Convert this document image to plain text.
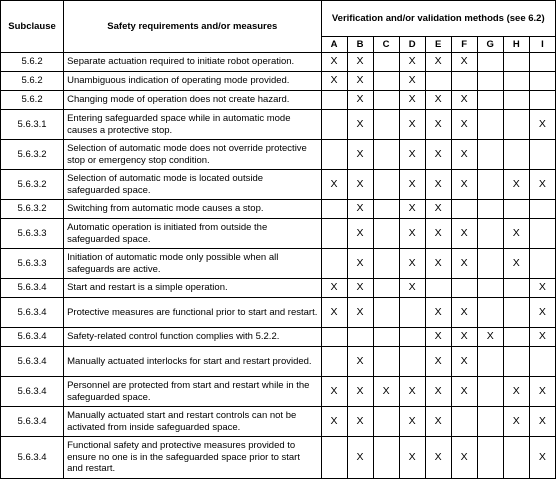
Subclause	Safety requirements and/or measures	Verification and/or validation methods (see 6.2)								
		A	B	C	D	E	F	G	H	I
5.6.2	Separate actuation required to initiate robot operation.	X	X		X	X	X			
5.6.2	Unambiguous indication of operating mode provided.	X	X		X					
5.6.2	Changing mode of operation does not create hazard.		X		X	X	X			
5.6.3.1	Entering safeguarded space while in automatic mode causes a protective stop.		X		X	X	X			X
5.6.3.2	Selection of automatic mode does not override protective stop or emergency stop condition.		X		X	X	X			
5.6.3.2	Selection of automatic mode is located outside safeguarded space.	X	X		X	X	X		X	X
5.6.3.2	Switching from automatic mode causes a stop.		X		X	X				
5.6.3.3	Automatic operation is initiated from outside the safeguarded space.		X		X	X	X		X	
5.6.3.3	Initiation of automatic mode only possible when all safeguards are active.		X		X	X	X		X	
5.6.3.4	Start and restart is a simple operation.	X	X		X					X
5.6.3.4	Protective measures are functional prior to start and restart.	X	X			X	X			X
5.6.3.4	Safety-related control function complies with 5.2.2.					X	X	X		X
5.6.3.4	Manually actuated interlocks for start and restart provided.		X			X	X			
5.6.3.4	Personnel are protected from start and restart while in the safeguarded space.	X	X	X	X	X	X		X	X
5.6.3.4	Manually actuated start and restart controls can not be activated from inside safeguarded space.	X	X		X	X			X	X
5.6.3.4	Functional safety and protective measures provided to ensure no one is in the safeguarded space prior to start and restart.		X		X	X	X			X
